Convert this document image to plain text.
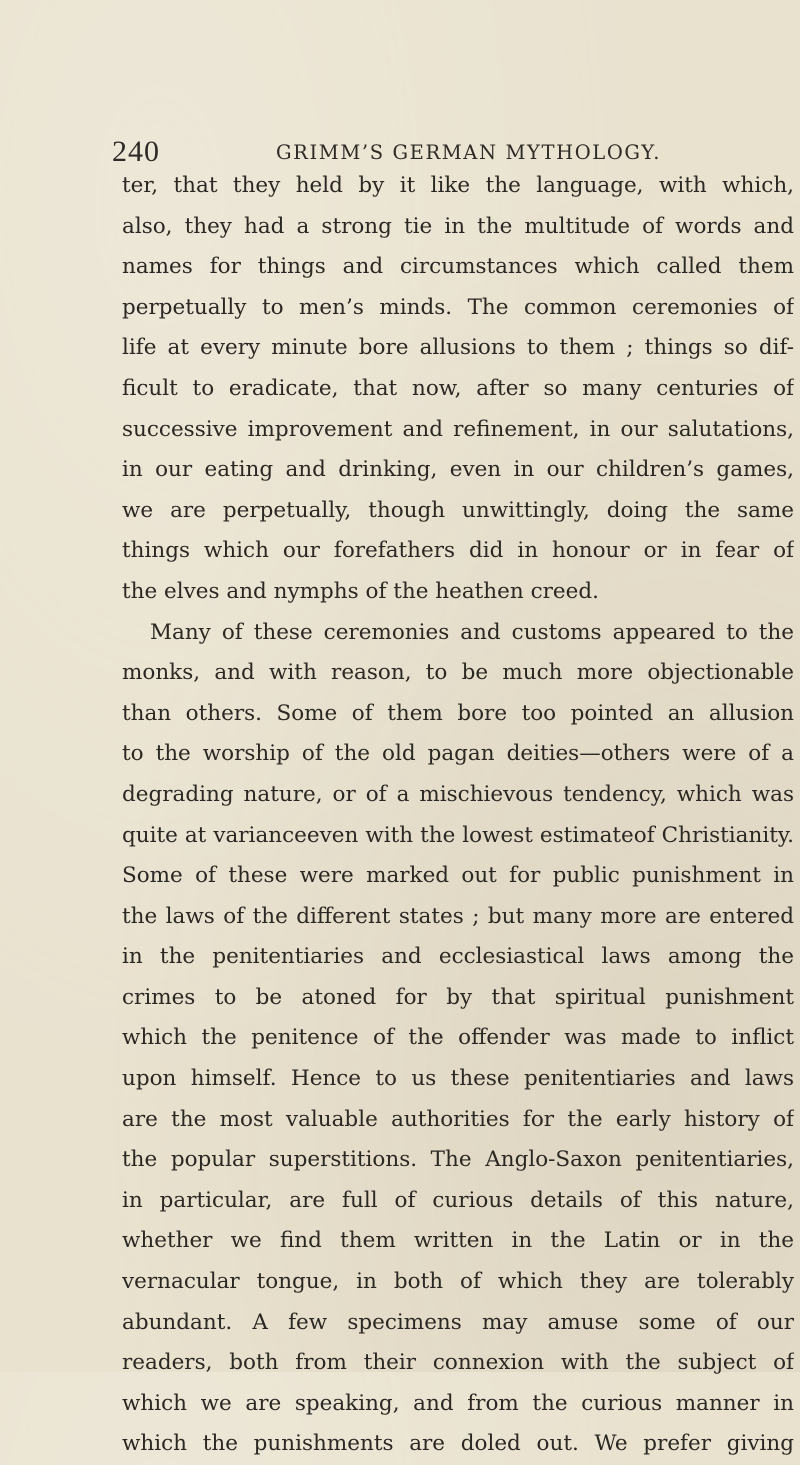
240	GRIMM’S GERMAN MYTHOLOGY.
ter, that they held by it like the language, with which,
also, they had a strong tie in the multitude of words and
names for things and circumstances which called them
perpetually to men’s minds. The common ceremonies of
life at every minute bore allusions to them ; things so dif-
ficult to eradicate, that now, after so many centuries of
successive improvement and refinement, in our salutations,
in our eating and drinking, even in our children’s games,
we are perpetually, though unwittingly, doing the same
things which our forefathers did in honour or in fear of
the elves and nymphs of the heathen creed.
Many of these ceremonies and customs appeared to the
monks, and with reason, to be much more objectionable
than others. Some of them bore too pointed an allusion
to the worship of the old pagan deities—others were of a
degrading nature, or of a mischievous tendency, which was
quite at varianceeven with the lowest estimateof Christianity.
Some of these were marked out for public punishment in
the laws of the different states ; but many more are entered
in the penitentiaries and ecclesiastical laws among the
crimes to be atoned for by that spiritual punishment
which the penitence of the offender was made to inflict
upon himself. Hence to us these penitentiaries and laws
are the most valuable authorities for the early history of
the popular superstitions. The Anglo-Saxon penitentiaries,
in particular, are full of curious details of this nature,
whether we find them written in the Latin or in the
vernacular tongue, in both of which they are tolerably
abundant. A few specimens may amuse some of our
readers, both from their connexion with the subject of
which we are speaking, and from the curious manner in
which the punishments are doled out. We prefer giving
